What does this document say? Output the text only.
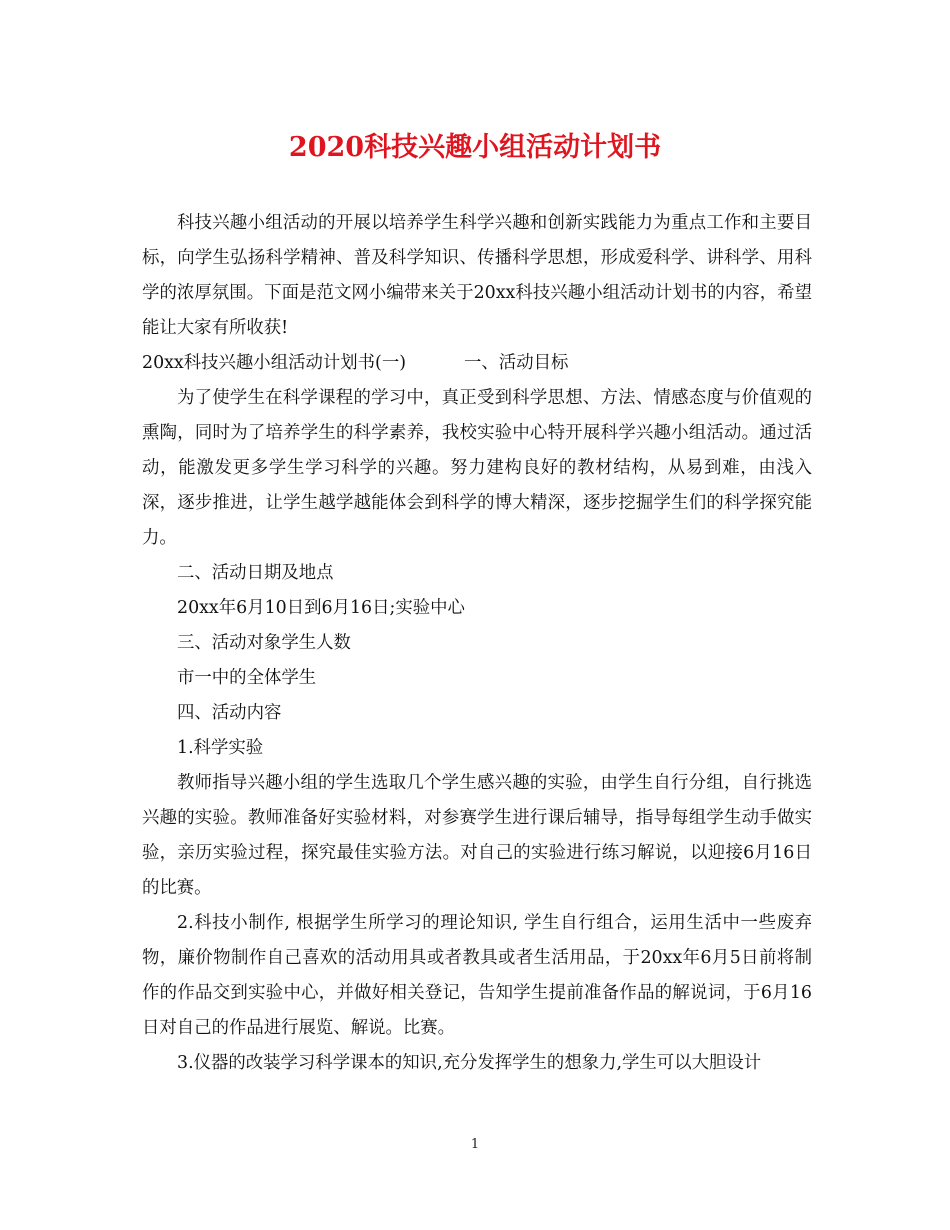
2020科技兴趣小组活动计划书

科技兴趣小组活动的开展以培养学生科学兴趣和创新实践能力为重点工作和主要目标，向学生弘扬科学精神、普及科学知识、传播科学思想，形成爱科学、讲科学、用科学的浓厚氛围。下面是范文网小编带来关于20xx科技兴趣小组活动计划书的内容，希望能让大家有所收获!

20xx科技兴趣小组活动计划书(一)	一、活动目标

为了使学生在科学课程的学习中，真正受到科学思想、方法、情感态度与价值观的熏陶，同时为了培养学生的科学素养，我校实验中心特开展科学兴趣小组活动。通过活动，能激发更多学生学习科学的兴趣。努力建构良好的教材结构，从易到难，由浅入深，逐步推进，让学生越学越能体会到科学的博大精深，逐步挖掘学生们的科学探究能力。

二、活动日期及地点

20xx年6月10日到6月16日;实验中心

三、活动对象学生人数

市一中的全体学生

四、活动内容

1.科学实验

教师指导兴趣小组的学生选取几个学生感兴趣的实验，由学生自行分组，自行挑选兴趣的实验。教师准备好实验材料，对参赛学生进行课后辅导，指导每组学生动手做实验，亲历实验过程，探究最佳实验方法。对自己的实验进行练习解说，以迎接6月16日的比赛。

2.科技小制作, 根据学生所学习的理论知识, 学生自行组合，运用生活中一些废弃物，廉价物制作自己喜欢的活动用具或者教具或者生活用品，于20xx年6月5日前将制作的作品交到实验中心，并做好相关登记，告知学生提前准备作品的解说词，于6月16日对自己的作品进行展览、解说。比赛。

3.仪器的改装学习科学课本的知识,充分发挥学生的想象力,学生可以大胆设计

1
